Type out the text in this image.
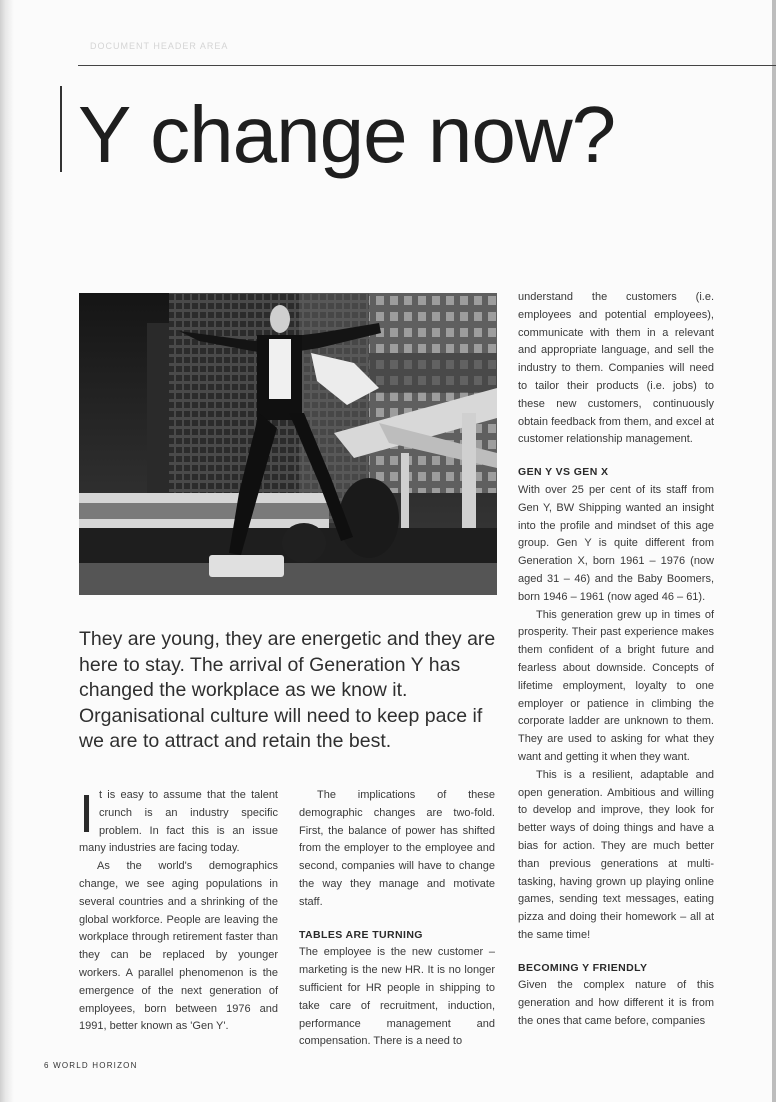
DOCUMENT HEADER AREA
Y change now?

They are young, they are energetic and they are here to stay. The arrival of Generation Y has changed the workplace as we know it. Organisational culture will need to keep pace if we are to attract and retain the best.

It is easy to assume that the talent crunch is an industry specific problem. In fact this is an issue many industries are facing today.

As the world's demographics change, we see aging populations in several countries and a shrinking of the global workforce. People are leaving the workplace through retirement faster than they can be replaced by younger workers. A parallel phenomenon is the emergence of the next generation of employees, born between 1976 and 1991, better known as 'Gen Y'.

The implications of these demographic changes are two-fold. First, the balance of power has shifted from the employer to the employee and second, companies will have to change the way they manage and motivate staff.

TABLES ARE TURNING

The employee is the new customer – marketing is the new HR. It is no longer sufficient for HR people in shipping to take care of recruitment, induction, performance management and compensation. There is a need to

understand the customers (i.e. employees and potential employees), communicate with them in a relevant and appropriate language, and sell the industry to them. Companies will need to tailor their products (i.e. jobs) to these new customers, continuously obtain feedback from them, and excel at customer relationship management.

GEN Y VS GEN X

With over 25 per cent of its staff from Gen Y, BW Shipping wanted an insight into the profile and mindset of this age group. Gen Y is quite different from Generation X, born 1961 – 1976 (now aged 31 – 46) and the Baby Boomers, born 1946 – 1961 (now aged 46 – 61).

This generation grew up in times of prosperity. Their past experience makes them confident of a bright future and fearless about downside. Concepts of lifetime employment, loyalty to one employer or patience in climbing the corporate ladder are unknown to them. They are used to asking for what they want and getting it when they want.

This is a resilient, adaptable and open generation. Ambitious and willing to develop and improve, they look for better ways of doing things and have a bias for action. They are much better than previous generations at multi-tasking, having grown up playing online games, sending text messages, eating pizza and doing their homework – all at the same time!

BECOMING Y FRIENDLY

Given the complex nature of this generation and how different it is from the ones that came before, companies

6 WORLD HORIZON
